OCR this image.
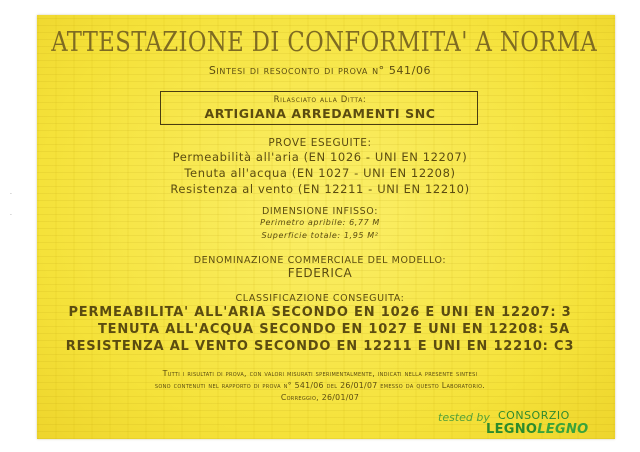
ATTESTAZIONE DI CONFORMITA' A NORMA
Sintesi di resoconto di prova n° 541/06
Rilasciato alla Ditta:
ARTIGIANA ARREDAMENTI SNC
PROVE ESEGUITE:
Permeabilità all'aria (EN 1026 - UNI EN 12207)
Tenuta all'acqua (EN 1027 - UNI EN 12208)
Resistenza al vento (EN 12211 - UNI EN 12210)
DIMENSIONE INFISSO:
Perimetro apribile: 6,77 M
Superficie totale: 1,95 M²
DENOMINAZIONE COMMERCIALE DEL MODELLO:
FEDERICA
CLASSIFICAZIONE CONSEGUITA:
PERMEABILITA' ALL'ARIA SECONDO EN 1026 E UNI EN 12207: 3
TENUTA ALL'ACQUA SECONDO EN 1027 E UNI EN 12208: 5A
RESISTENZA AL VENTO SECONDO EN 12211 E UNI EN 12210: C3
Tutti i risultati di prova, con valori misurati sperimentalmente, indicati nella presente sintesi
sono contenuti nel rapporto di prova n° 541/06 del 26/01/07 emesso da questo Laboratorio.
Correggio, 26/01/07
tested by CONSORZIO
LEGNOLEGNO
·
·
